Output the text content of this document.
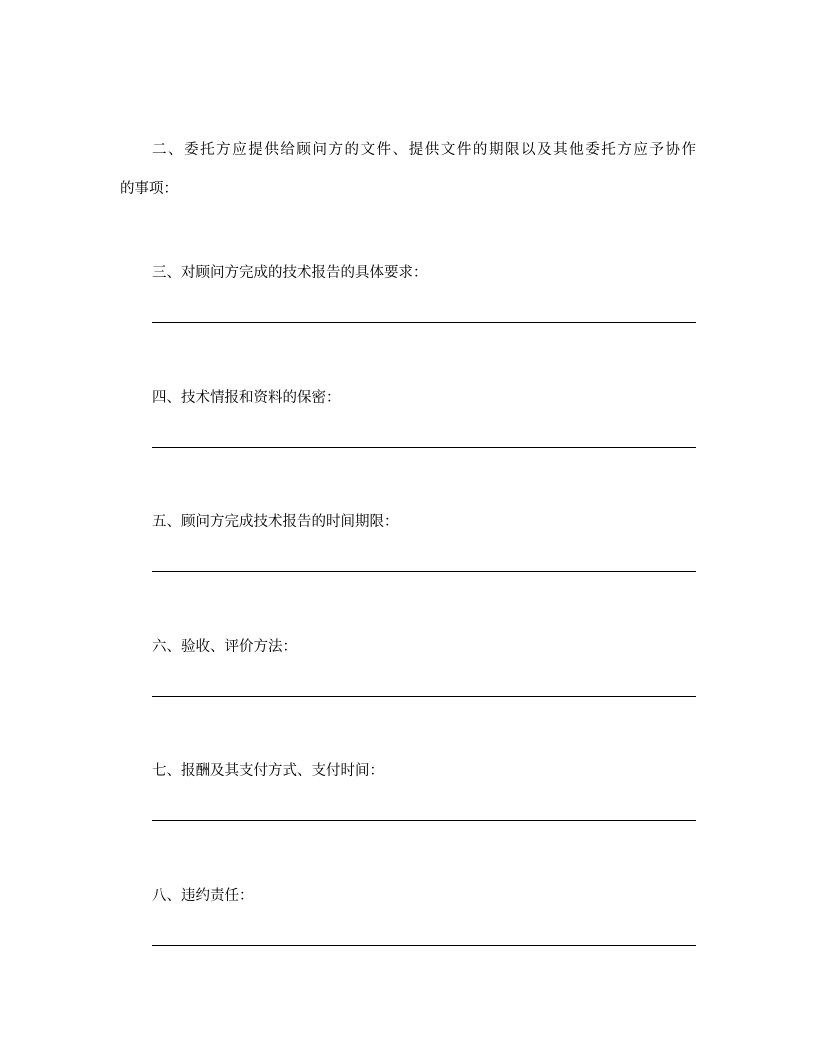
二、委托方应提供给顾问方的文件、提供文件的期限以及其他委托方应予协作
的事项：
三、对顾问方完成的技术报告的具体要求：
四、技术情报和资料的保密：
五、顾问方完成技术报告的时间期限：
六、验收、评价方法：
七、报酬及其支付方式、支付时间：
八、违约责任：
